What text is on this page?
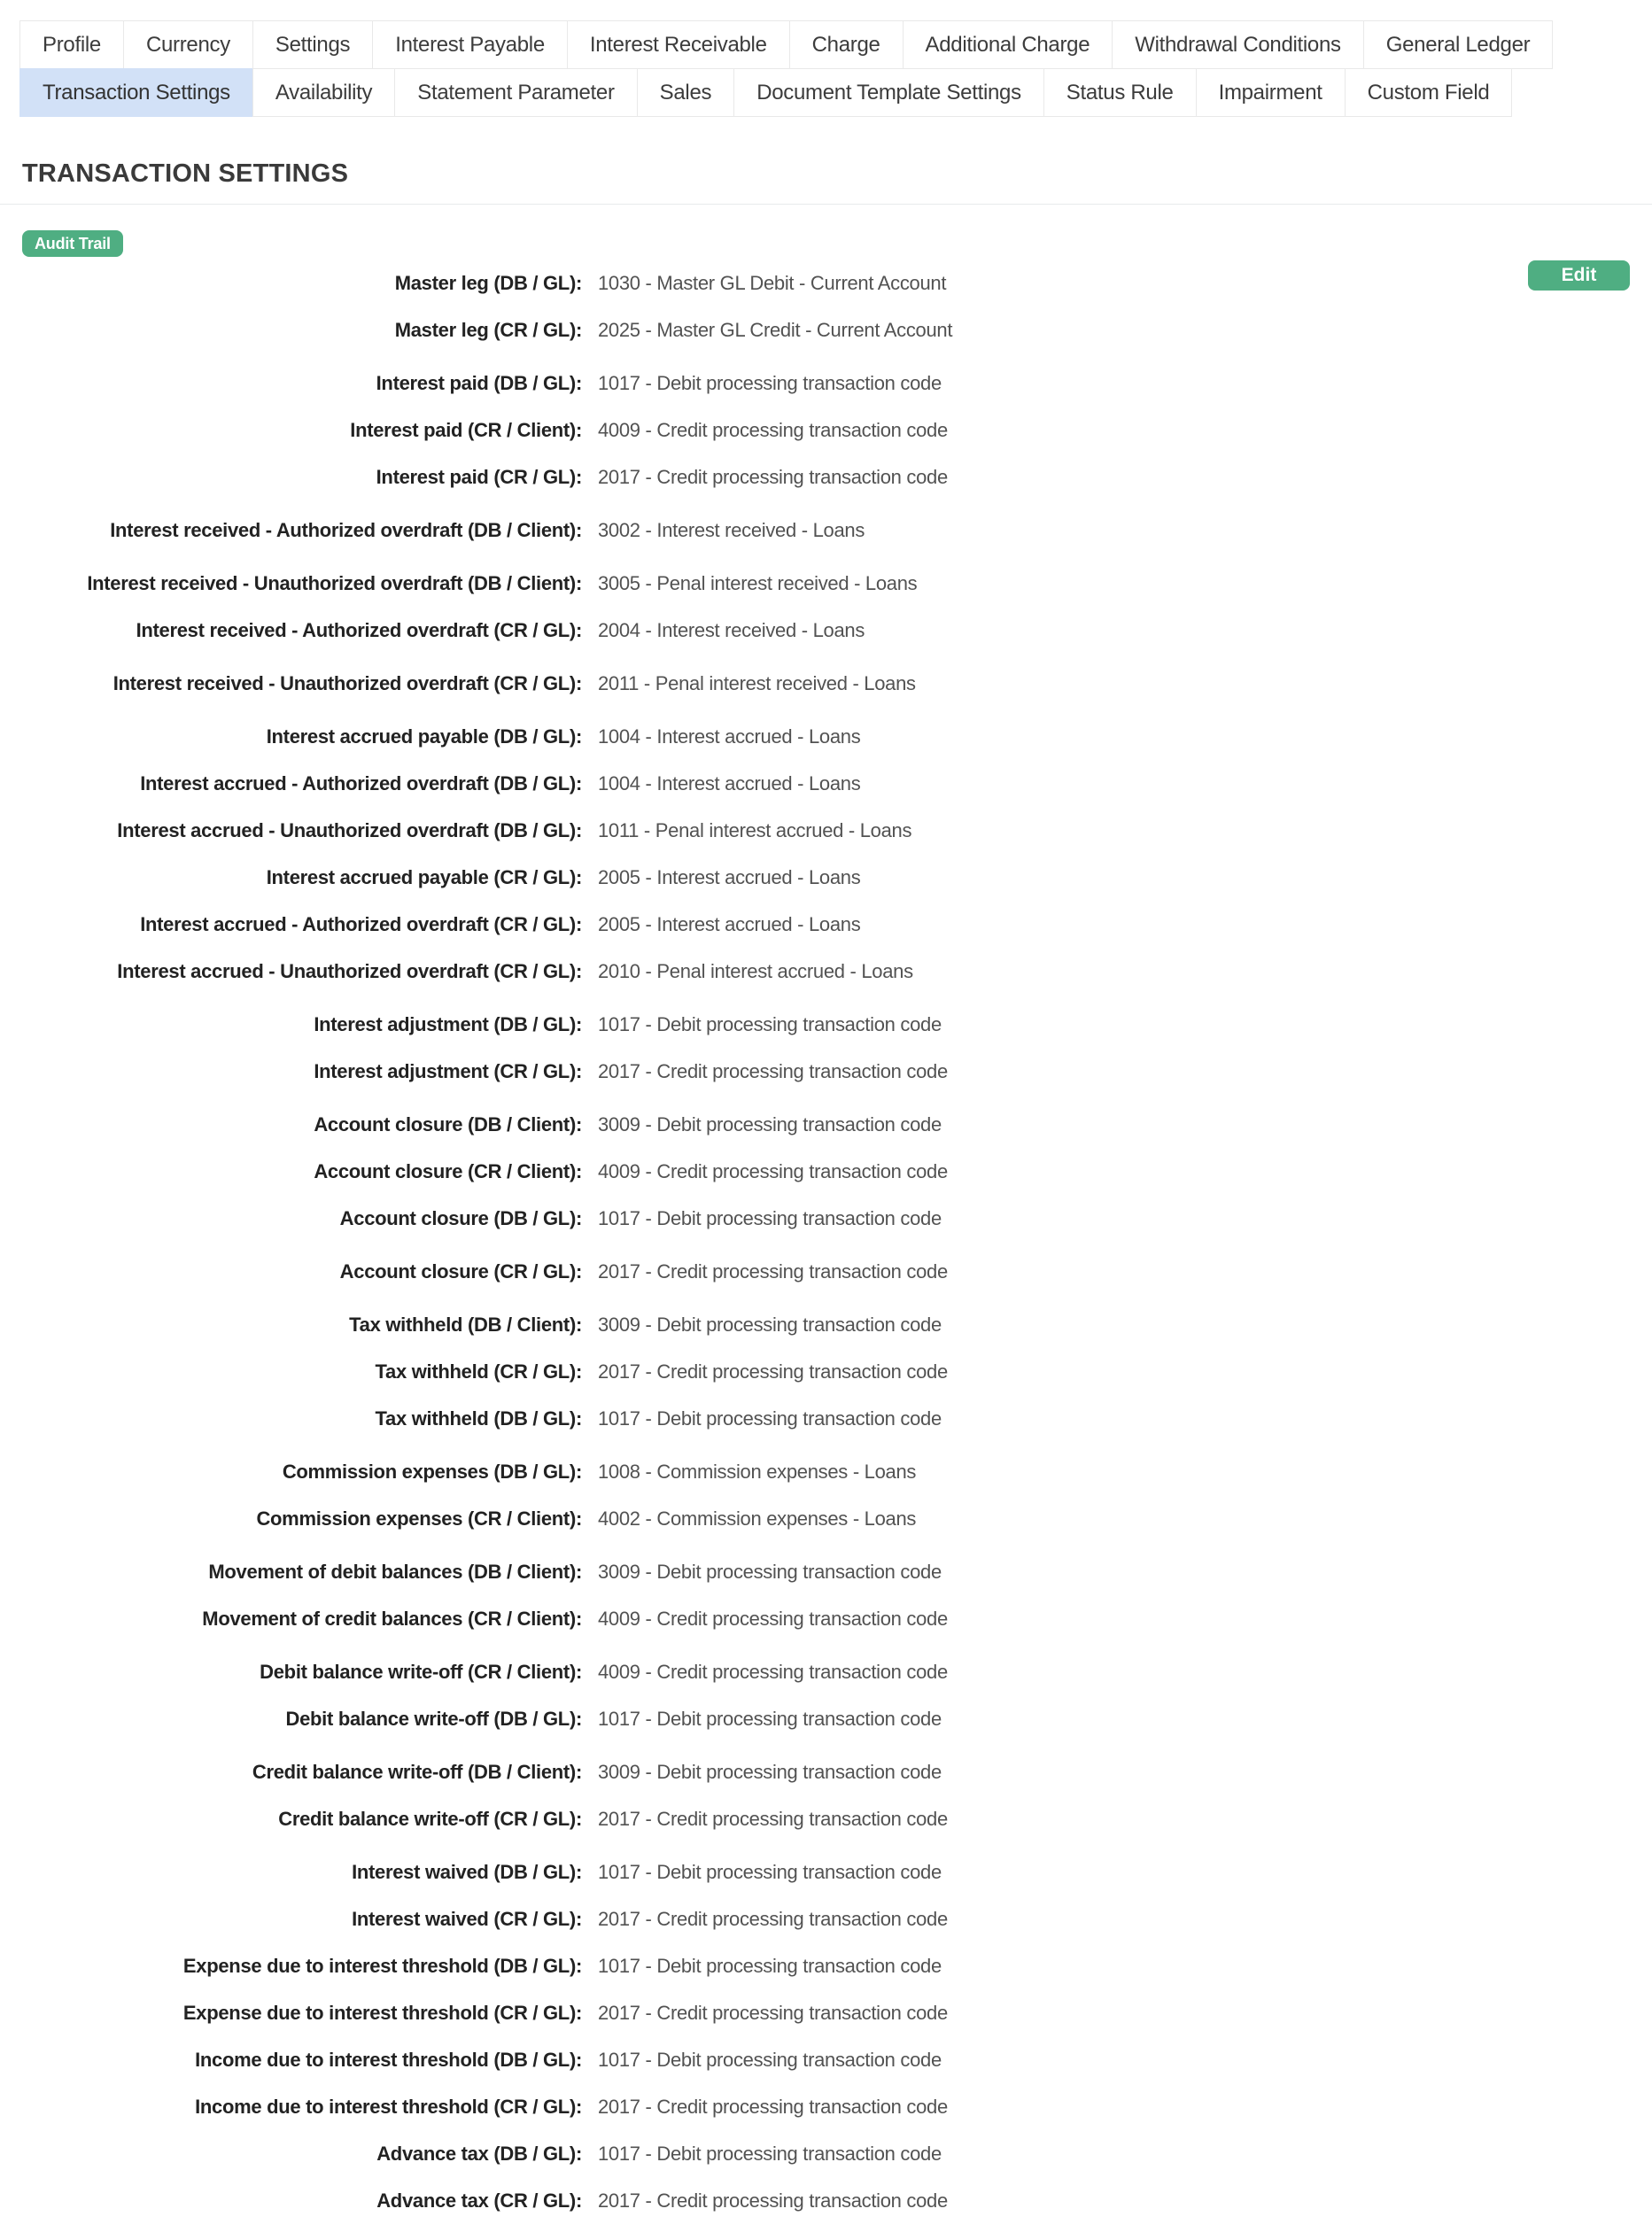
Profile	Currency	Settings	Interest Payable	Interest Receivable	Charge	Additional Charge	Withdrawal Conditions	General Ledger
Transaction Settings	Availability	Statement Parameter	Sales	Document Template Settings	Status Rule	Impairment	Custom Field
TRANSACTION SETTINGS
Audit Trail
Edit
Master leg (DB / GL): 1030 - Master GL Debit - Current Account
Master leg (CR / GL): 2025 - Master GL Credit - Current Account
Interest paid (DB / GL): 1017 - Debit processing transaction code
Interest paid (CR / Client): 4009 - Credit processing transaction code
Interest paid (CR / GL): 2017 - Credit processing transaction code
Interest received - Authorized overdraft (DB / Client): 3002 - Interest received - Loans
Interest received - Unauthorized overdraft (DB / Client): 3005 - Penal interest received - Loans
Interest received - Authorized overdraft (CR / GL): 2004 - Interest received - Loans
Interest received - Unauthorized overdraft (CR / GL): 2011 - Penal interest received - Loans
Interest accrued payable (DB / GL): 1004 - Interest accrued - Loans
Interest accrued - Authorized overdraft (DB / GL): 1004 - Interest accrued - Loans
Interest accrued - Unauthorized overdraft (DB / GL): 1011 - Penal interest accrued - Loans
Interest accrued payable (CR / GL): 2005 - Interest accrued - Loans
Interest accrued - Authorized overdraft (CR / GL): 2005 - Interest accrued - Loans
Interest accrued - Unauthorized overdraft (CR / GL): 2010 - Penal interest accrued - Loans
Interest adjustment (DB / GL): 1017 - Debit processing transaction code
Interest adjustment (CR / GL): 2017 - Credit processing transaction code
Account closure (DB / Client): 3009 - Debit processing transaction code
Account closure (CR / Client): 4009 - Credit processing transaction code
Account closure (DB / GL): 1017 - Debit processing transaction code
Account closure (CR / GL): 2017 - Credit processing transaction code
Tax withheld (DB / Client): 3009 - Debit processing transaction code
Tax withheld (CR / GL): 2017 - Credit processing transaction code
Tax withheld (DB / GL): 1017 - Debit processing transaction code
Commission expenses (DB / GL): 1008 - Commission expenses - Loans
Commission expenses (CR / Client): 4002 - Commission expenses - Loans
Movement of debit balances (DB / Client): 3009 - Debit processing transaction code
Movement of credit balances (CR / Client): 4009 - Credit processing transaction code
Debit balance write-off (CR / Client): 4009 - Credit processing transaction code
Debit balance write-off (DB / GL): 1017 - Debit processing transaction code
Credit balance write-off (DB / Client): 3009 - Debit processing transaction code
Credit balance write-off (CR / GL): 2017 - Credit processing transaction code
Interest waived (DB / GL): 1017 - Debit processing transaction code
Interest waived (CR / GL): 2017 - Credit processing transaction code
Expense due to interest threshold (DB / GL): 1017 - Debit processing transaction code
Expense due to interest threshold (CR / GL): 2017 - Credit processing transaction code
Income due to interest threshold (DB / GL): 1017 - Debit processing transaction code
Income due to interest threshold (CR / GL): 2017 - Credit processing transaction code
Advance tax (DB / GL): 1017 - Debit processing transaction code
Advance tax (CR / GL): 2017 - Credit processing transaction code
